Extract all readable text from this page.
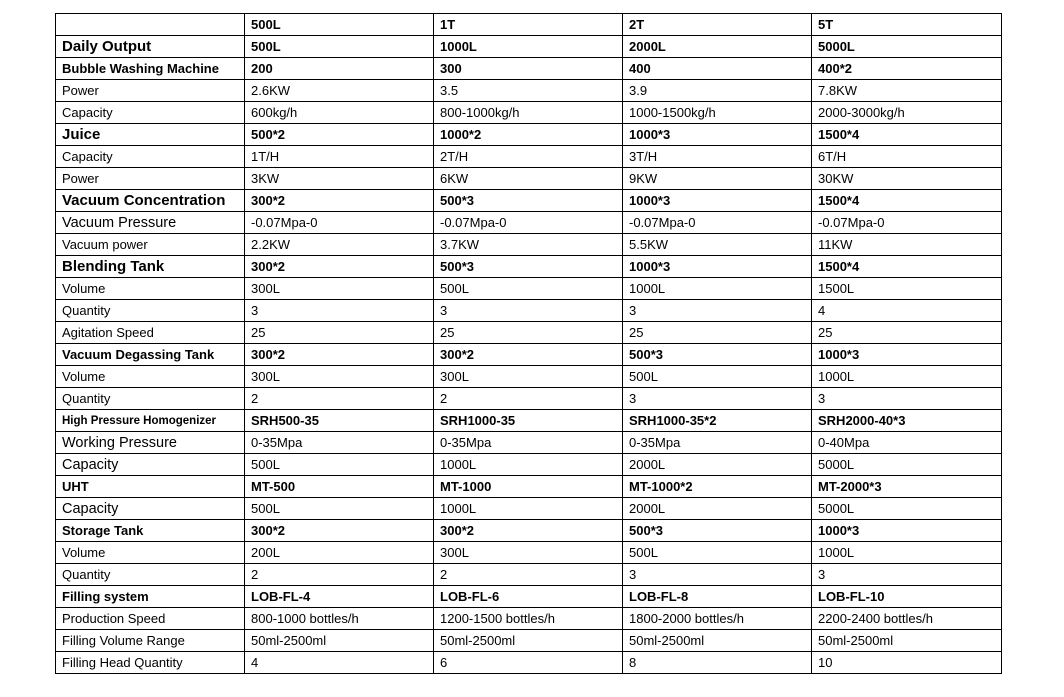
	500L	1T	2T	5T
Daily Output	500L	1000L	2000L	5000L
Bubble Washing Machine	200	300	400	400*2
Power	2.6KW	3.5	3.9	7.8KW
Capacity	600kg/h	800-1000kg/h	1000-1500kg/h	2000-3000kg/h
Juice	500*2	1000*2	1000*3	1500*4
Capacity	1T/H	2T/H	3T/H	6T/H
Power	3KW	6KW	9KW	30KW
Vacuum Concentration	300*2	500*3	1000*3	1500*4
Vacuum Pressure	-0.07Mpa-0	-0.07Mpa-0	-0.07Mpa-0	-0.07Mpa-0
Vacuum power	2.2KW	3.7KW	5.5KW	11KW
Blending Tank	300*2	500*3	1000*3	1500*4
Volume	300L	500L	1000L	1500L
Quantity	3	3	3	4
Agitation Speed	25	25	25	25
Vacuum Degassing Tank	300*2	300*2	500*3	1000*3
Volume	300L	300L	500L	1000L
Quantity	2	2	3	3
High Pressure Homogenizer	SRH500-35	SRH1000-35	SRH1000-35*2	SRH2000-40*3
Working Pressure	0-35Mpa	0-35Mpa	0-35Mpa	0-40Mpa
Capacity	500L	1000L	2000L	5000L
UHT	MT-500	MT-1000	MT-1000*2	MT-2000*3
Capacity	500L	1000L	2000L	5000L
Storage Tank	300*2	300*2	500*3	1000*3
Volume	200L	300L	500L	1000L
Quantity	2	2	3	3
Filling system	LOB-FL-4	LOB-FL-6	LOB-FL-8	LOB-FL-10
Production Speed	800-1000 bottles/h	1200-1500 bottles/h	1800-2000 bottles/h	2200-2400 bottles/h
Filling Volume Range	50ml-2500ml	50ml-2500ml	50ml-2500ml	50ml-2500ml
Filling Head Quantity	4	6	8	10
